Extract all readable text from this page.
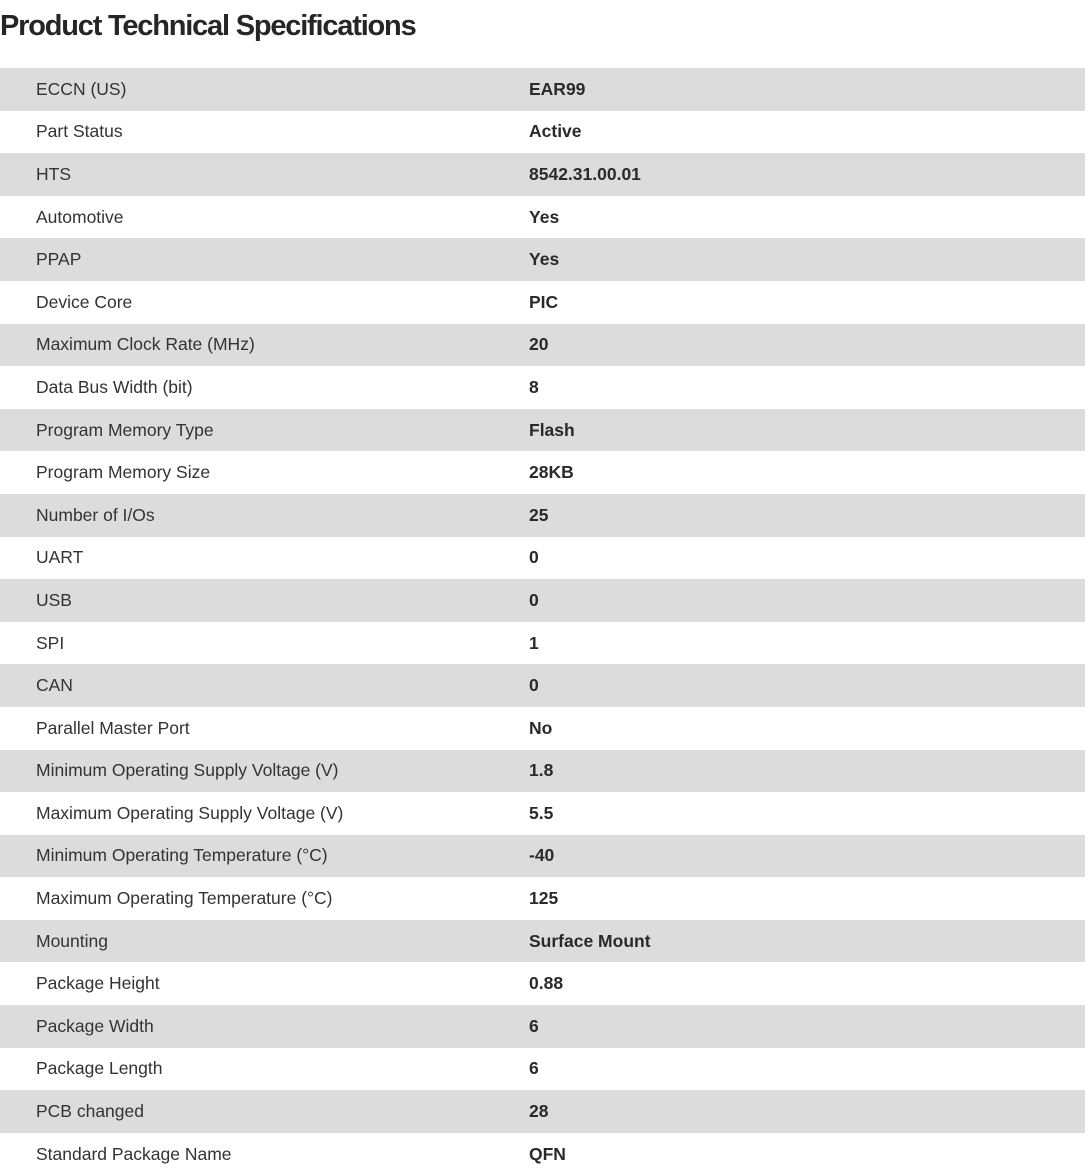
Product Technical Specifications
ECCN (US)	EAR99
Part Status	Active
HTS	8542.31.00.01
Automotive	Yes
PPAP	Yes
Device Core	PIC
Maximum Clock Rate (MHz)	20
Data Bus Width (bit)	8
Program Memory Type	Flash
Program Memory Size	28KB
Number of I/Os	25
UART	0
USB	0
SPI	1
CAN	0
Parallel Master Port	No
Minimum Operating Supply Voltage (V)	1.8
Maximum Operating Supply Voltage (V)	5.5
Minimum Operating Temperature (°C)	-40
Maximum Operating Temperature (°C)	125
Mounting	Surface Mount
Package Height	0.88
Package Width	6
Package Length	6
PCB changed	28
Standard Package Name	QFN
